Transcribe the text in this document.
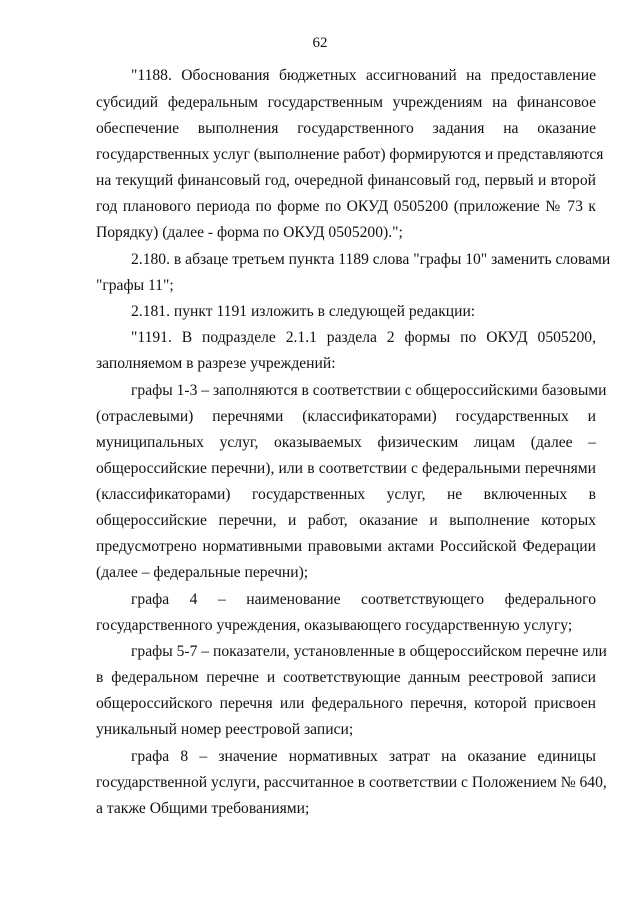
62
"1188. Обоснования бюджетных ассигнований на предоставление
субсидий федеральным государственным учреждениям на финансовое
обеспечение выполнения государственного задания на оказание
государственных услуг (выполнение работ) формируются и представляются
на текущий финансовый год, очередной финансовый год, первый и второй
год планового периода по форме по ОКУД 0505200 (приложение № 73 к
Порядку) (далее - форма по ОКУД 0505200).";
2.180. в абзаце третьем пункта 1189 слова "графы 10" заменить словами
"графы 11";
2.181. пункт 1191 изложить в следующей редакции:
"1191. В подразделе 2.1.1 раздела 2 формы по ОКУД 0505200,
заполняемом в разрезе учреждений:
графы 1-3 – заполняются в соответствии с общероссийскими базовыми
(отраслевыми) перечнями (классификаторами) государственных и
муниципальных услуг, оказываемых физическим лицам (далее –
общероссийские перечни), или в соответствии с федеральными перечнями
(классификаторами) государственных услуг, не включенных в
общероссийские перечни, и работ, оказание и выполнение которых
предусмотрено нормативными правовыми актами Российской Федерации
(далее – федеральные перечни);
графа 4 – наименование соответствующего федерального
государственного учреждения, оказывающего государственную услугу;
графы 5-7 – показатели, установленные в общероссийском перечне или
в федеральном перечне и соответствующие данным реестровой записи
общероссийского перечня или федерального перечня, которой присвоен
уникальный номер реестровой записи;
графа 8 – значение нормативных затрат на оказание единицы
государственной услуги, рассчитанное в соответствии с Положением № 640,
а также Общими требованиями;
